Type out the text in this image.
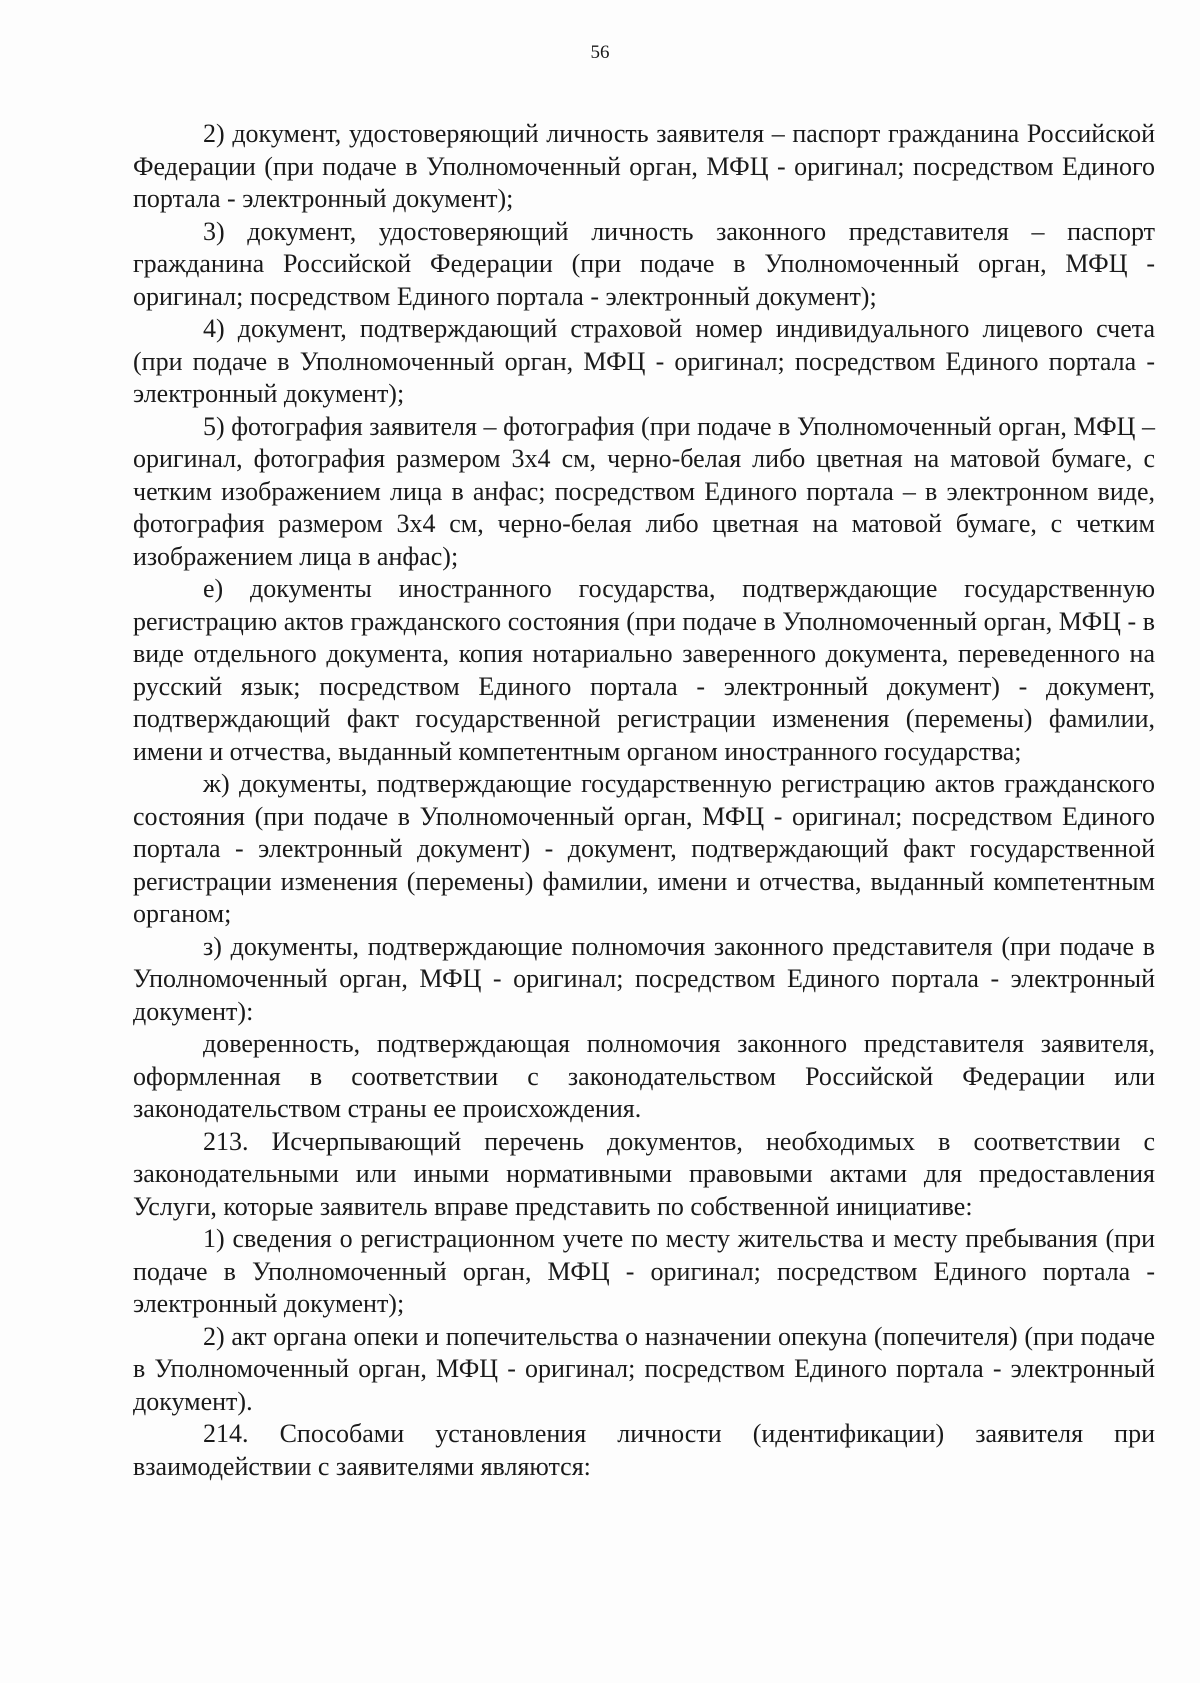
56

2) документ, удостоверяющий личность заявителя – паспорт гражданина Российской Федерации (при подаче в Уполномоченный орган, МФЦ - оригинал; посредством Единого портала - электронный документ);

3) документ, удостоверяющий личность законного представителя – паспорт гражданина Российской Федерации (при подаче в Уполномоченный орган, МФЦ - оригинал; посредством Единого портала - электронный документ);

4) документ, подтверждающий страховой номер индивидуального лицевого счета (при подаче в Уполномоченный орган, МФЦ - оригинал; посредством Единого портала - электронный документ);

5) фотография заявителя – фотография (при подаче в Уполномоченный орган, МФЦ – оригинал, фотография размером 3х4 см, черно-белая либо цветная на матовой бумаге, с четким изображением лица в анфас; посредством Единого портала – в электронном виде, фотография размером 3х4 см, черно-белая либо цветная на матовой бумаге, с четким изображением лица в анфас);

е) документы иностранного государства, подтверждающие государственную регистрацию актов гражданского состояния (при подаче в Уполномоченный орган, МФЦ - в виде отдельного документа, копия нотариально заверенного документа, переведенного на русский язык; посредством Единого портала - электронный документ) - документ, подтверждающий факт государственной регистрации изменения (перемены) фамилии, имени и отчества, выданный компетентным органом иностранного государства;

ж) документы, подтверждающие государственную регистрацию актов гражданского состояния (при подаче в Уполномоченный орган, МФЦ - оригинал; посредством Единого портала - электронный документ) - документ, подтверждающий факт государственной регистрации изменения (перемены) фамилии, имени и отчества, выданный компетентным органом;

з) документы, подтверждающие полномочия законного представителя (при подаче в Уполномоченный орган, МФЦ - оригинал; посредством Единого портала - электронный документ):

доверенность, подтверждающая полномочия законного представителя заявителя, оформленная в соответствии с законодательством Российской Федерации или законодательством страны ее происхождения.

213. Исчерпывающий перечень документов, необходимых в соответствии с законодательными или иными нормативными правовыми актами для предоставления Услуги, которые заявитель вправе представить по собственной инициативе:

1) сведения о регистрационном учете по месту жительства и месту пребывания (при подаче в Уполномоченный орган, МФЦ - оригинал; посредством Единого портала - электронный документ);

2) акт органа опеки и попечительства о назначении опекуна (попечителя) (при подаче в Уполномоченный орган, МФЦ - оригинал; посредством Единого портала - электронный документ).

214. Способами установления личности (идентификации) заявителя при взаимодействии с заявителями являются:
